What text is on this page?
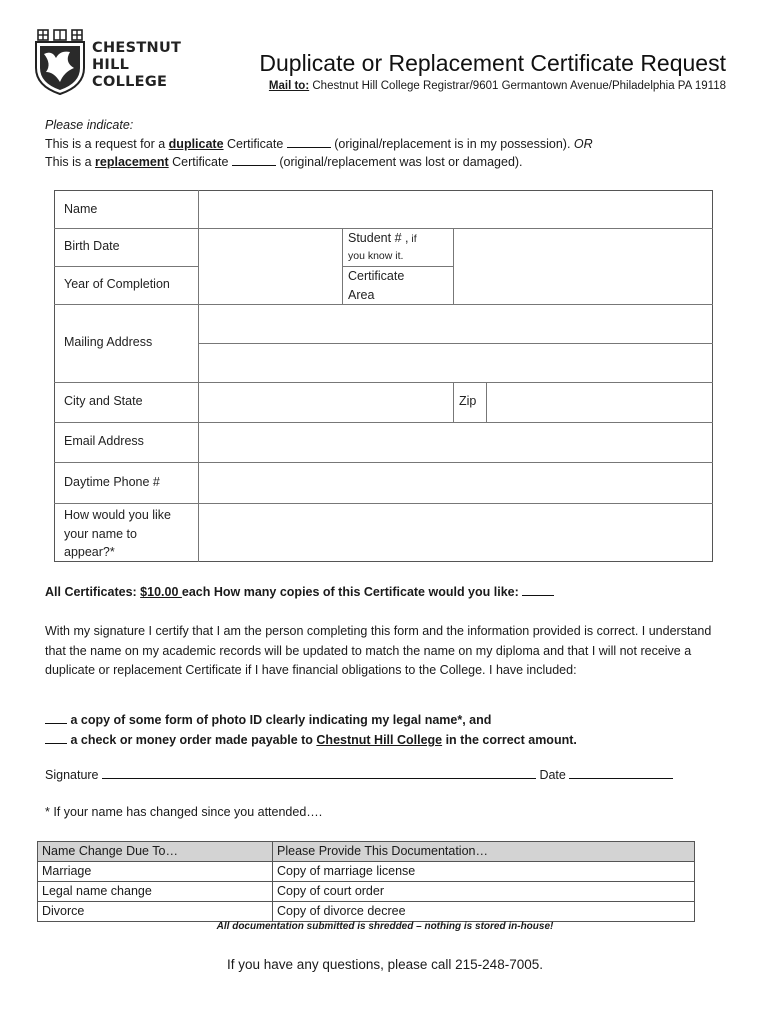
CHESTNUT
HILL
COLLEGE
Duplicate or Replacement Certificate Request
Mail to: Chestnut Hill College Registrar/9601 Germantown Avenue/Philadelphia PA 19118
Please indicate:
This is a request for a duplicate Certificate	(original/replacement is in my possession). OR
This is a replacement Certificate	(original/replacement was lost or damaged).
Name
Birth Date
Student # , if
you know it.
Year of Completion
Certificate
Area
Mailing Address
City and State	Zip
Email Address
Daytime Phone #
How would you like
your name to
appear?*
All Certificates: $10.00 each How many copies of this Certificate would you like:
With my signature I certify that I am the person completing this form and the information provided is correct. I understand that the name on my academic records will be updated to match the name on my diploma and that I will not receive a duplicate or replacement Certificate if I have financial obligations to the College. I have included:
a copy of some form of photo ID clearly indicating my legal name*, and
a check or money order made payable to Chestnut Hill College in the correct amount.
Signature	Date
* If your name has changed since you attended….
Name Change Due To…	Please Provide This Documentation…
Marriage	Copy of marriage license
Legal name change	Copy of court order
Divorce	Copy of divorce decree
All documentation submitted is shredded – nothing is stored in-house!
If you have any questions, please call 215-248-7005.
